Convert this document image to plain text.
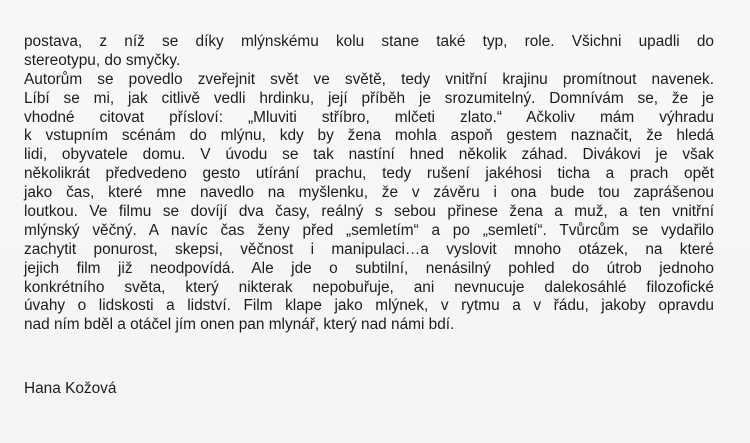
postava, z níž se díky mlýnskému kolu stane také typ, role. Všichni upadli do
stereotypu, do smyčky.
Autorům se povedlo zveřejnit svět ve světě, tedy vnitřní krajinu promítnout navenek.
Líbí se mi, jak citlivě vedli hrdinku, její příběh je srozumitelný. Domnívám se, že je
vhodné citovat přísloví: „Mluviti stříbro, mlčeti zlato.“ Ačkoliv mám výhradu
k vstupním scénám do mlýnu, kdy by žena mohla aspoň gestem naznačit, že hledá
lidi, obyvatele domu. V úvodu se tak nastíní hned několik záhad. Divákovi je však
několikrát předvedeno gesto utírání prachu, tedy rušení jakéhosi ticha a prach opět
jako čas, které mne navedlo na myšlenku, že v závěru i ona bude tou zaprášenou
loutkou. Ve filmu se dovíjí dva časy, reálný s sebou přinese žena a muž, a ten vnitřní
mlýnský věčný. A navíc čas ženy před „semletím“ a po „semletí“. Tvůrcům se vydařilo
zachytit ponurost, skepsi, věčnost i manipulaci…a vyslovit mnoho otázek, na které
jejich film již neodpovídá. Ale jde o subtilní, nenásilný pohled do útrob jednoho
konkrétního světa, který nikterak nepobuřuje, ani nevnucuje dalekosáhlé filozofické
úvahy o lidskosti a lidství. Film klape jako mlýnek, v rytmu a v řádu, jakoby opravdu
nad ním bděl a otáčel jím onen pan mlynář, který nad námi bdí.
Hana Kožová
